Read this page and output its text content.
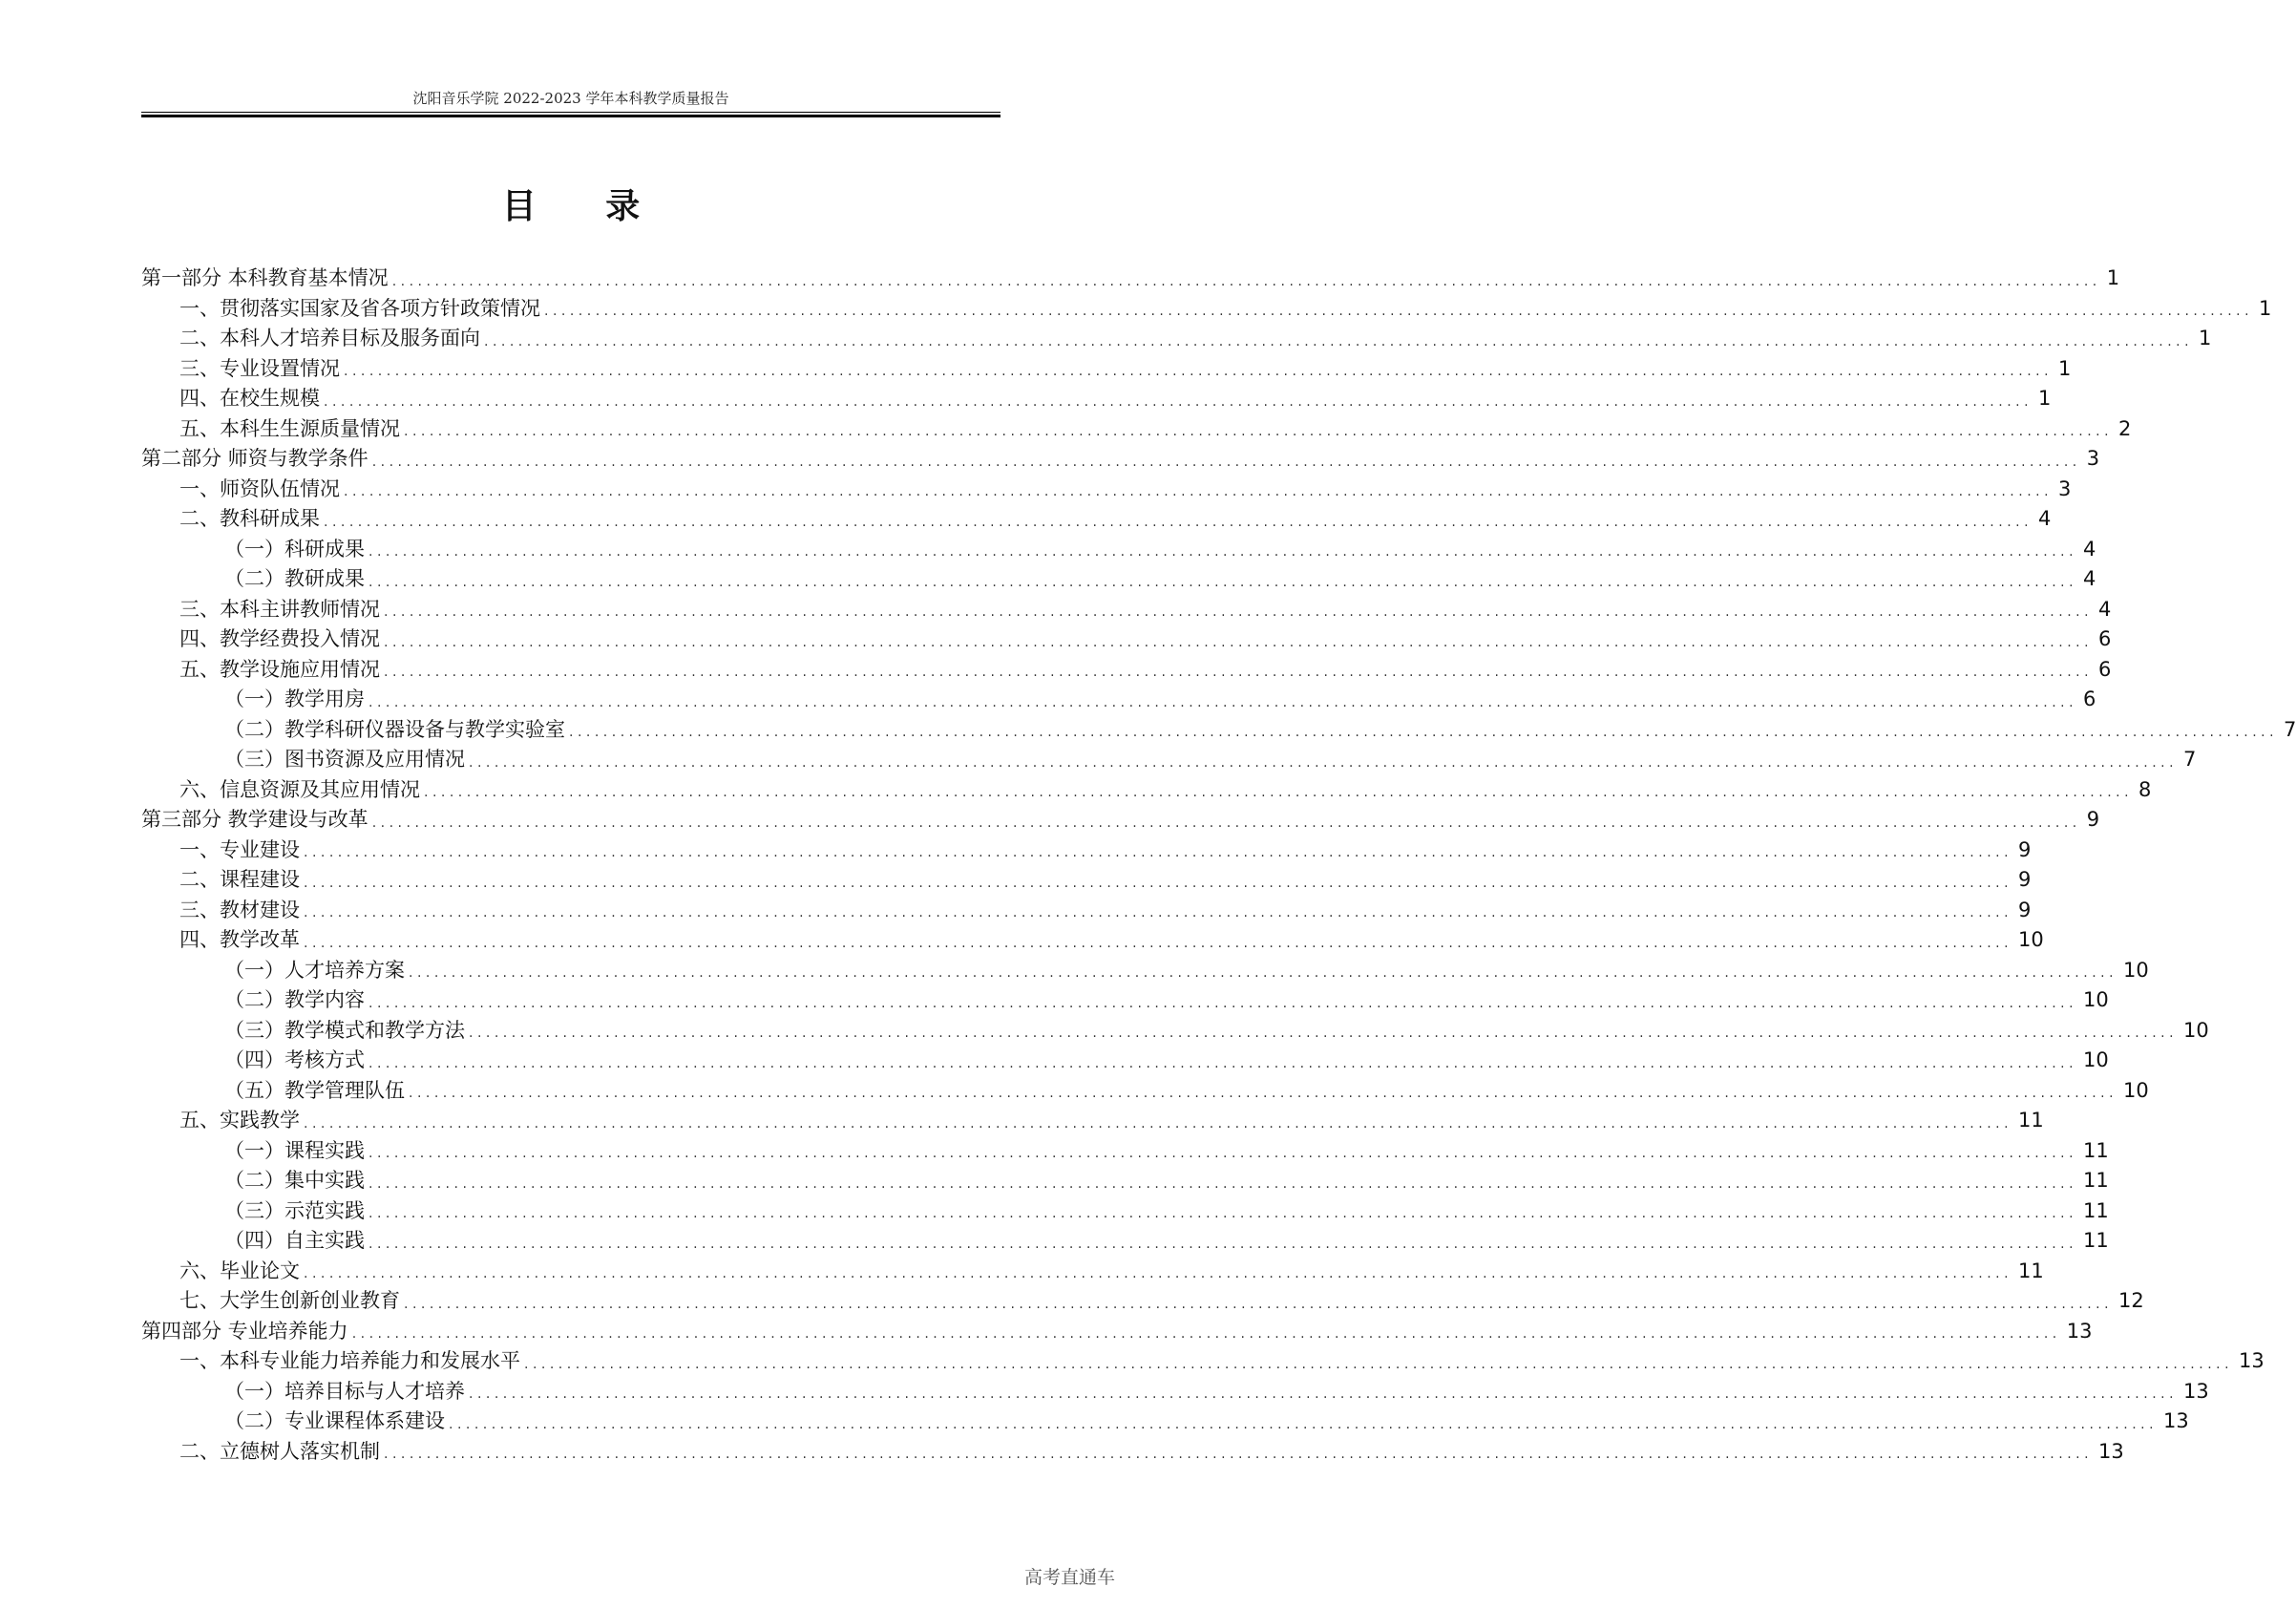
沈阳音乐学院 2022-2023 学年本科教学质量报告
目 录
第一部分 本科教育基本情况 ........................................................................................................................................................................................................ 1
一、贯彻落实国家及省各项方针政策情况 ........................................................................................................................................................................................................ 1
二、本科人才培养目标及服务面向 ........................................................................................................................................................................................................ 1
三、专业设置情况 ........................................................................................................................................................................................................ 1
四、在校生规模 ........................................................................................................................................................................................................ 1
五、本科生生源质量情况 ........................................................................................................................................................................................................ 2
第二部分 师资与教学条件 ........................................................................................................................................................................................................ 3
一、师资队伍情况 ........................................................................................................................................................................................................ 3
二、教科研成果 ........................................................................................................................................................................................................ 4
（一）科研成果 ........................................................................................................................................................................................................ 4
（二）教研成果 ........................................................................................................................................................................................................ 4
三、本科主讲教师情况 ........................................................................................................................................................................................................ 4
四、教学经费投入情况 ........................................................................................................................................................................................................ 6
五、教学设施应用情况 ........................................................................................................................................................................................................ 6
（一）教学用房 ........................................................................................................................................................................................................ 6
（二）教学科研仪器设备与教学实验室 ........................................................................................................................................................................................................ 7
（三）图书资源及应用情况 ........................................................................................................................................................................................................ 7
六、信息资源及其应用情况 ........................................................................................................................................................................................................ 8
第三部分 教学建设与改革 ........................................................................................................................................................................................................ 9
一、专业建设 ........................................................................................................................................................................................................ 9
二、课程建设 ........................................................................................................................................................................................................ 9
三、教材建设 ........................................................................................................................................................................................................ 9
四、教学改革 ........................................................................................................................................................................................................ 10
（一）人才培养方案 ........................................................................................................................................................................................................ 10
（二）教学内容 ........................................................................................................................................................................................................ 10
（三）教学模式和教学方法 ........................................................................................................................................................................................................ 10
（四）考核方式 ........................................................................................................................................................................................................ 10
（五）教学管理队伍 ........................................................................................................................................................................................................ 10
五、实践教学 ........................................................................................................................................................................................................ 11
（一）课程实践 ........................................................................................................................................................................................................ 11
（二）集中实践 ........................................................................................................................................................................................................ 11
（三）示范实践 ........................................................................................................................................................................................................ 11
（四）自主实践 ........................................................................................................................................................................................................ 11
六、毕业论文 ........................................................................................................................................................................................................ 11
七、大学生创新创业教育 ........................................................................................................................................................................................................ 12
第四部分 专业培养能力 ........................................................................................................................................................................................................ 13
一、本科专业能力培养能力和发展水平 ........................................................................................................................................................................................................ 13
（一）培养目标与人才培养 ........................................................................................................................................................................................................ 13
（二）专业课程体系建设 ........................................................................................................................................................................................................ 13
二、立德树人落实机制 ........................................................................................................................................................................................................ 13
高考直通车
